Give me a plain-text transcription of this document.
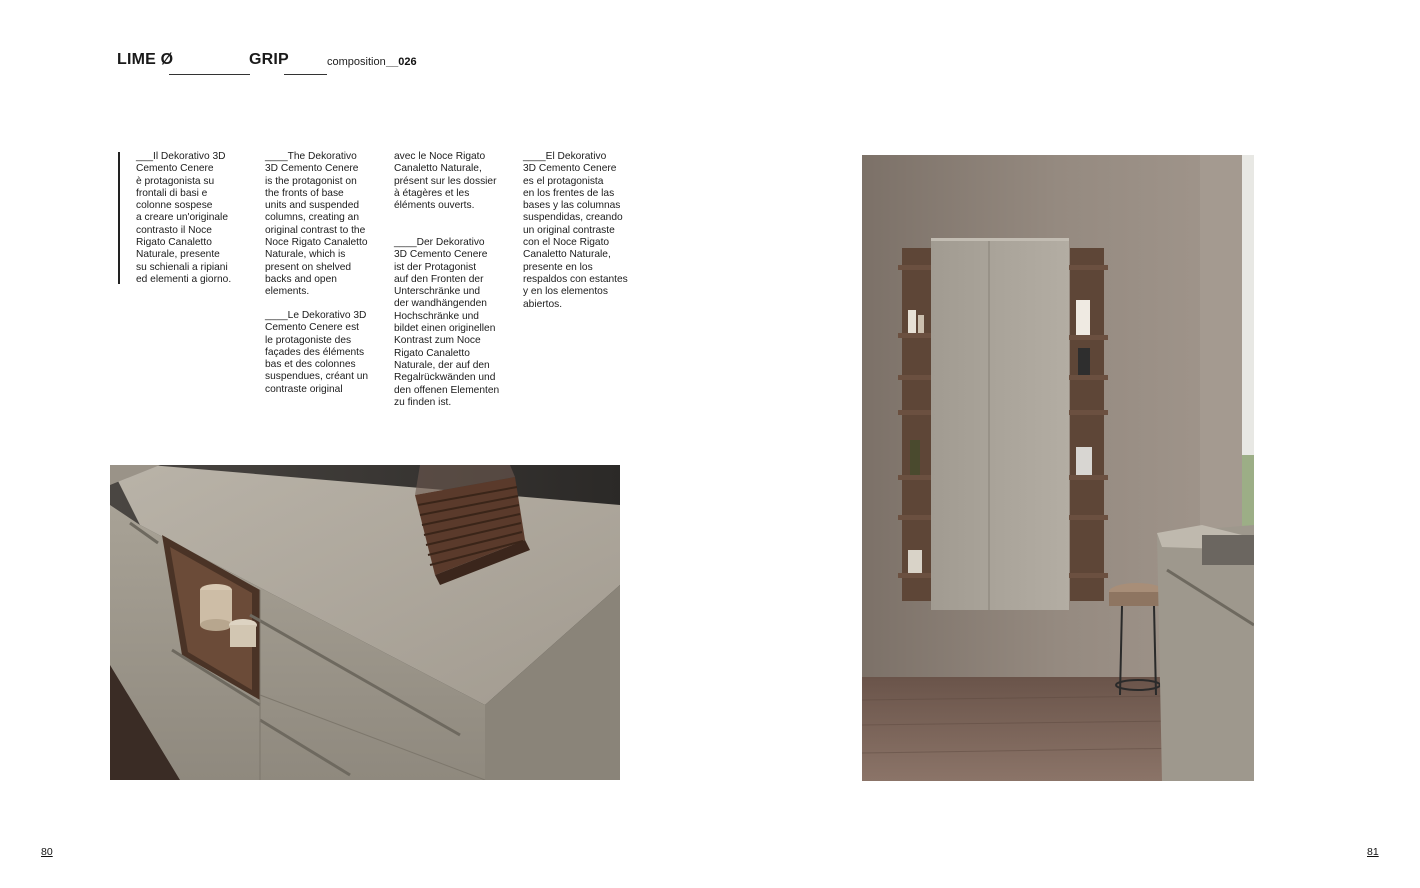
LIME Ø	GRIP	composition __026
___Il Dekorativo 3D
Cemento Cenere
è protagonista su
frontali di basi e
colonne sospese
a creare un'originale
contrasto il Noce
Rigato Canaletto
Naturale, presente
su schienali a ripiani
ed elementi a giorno.
____The Dekorativo
3D Cemento Cenere
is the protagonist on
the fronts of base
units and suspended
columns, creating an
original contrast to the
Noce Rigato Canaletto
Naturale, which is
present on shelved
backs and open
elements.
____Le Dekorativo 3D
Cemento Cenere est
le protagoniste des
façades des éléments
bas et des colonnes
suspendues, créant un
contraste original
avec le Noce Rigato
Canaletto Naturale,
présent sur les dossier
à étagères et les
éléments ouverts.
____Der Dekorativo
3D Cemento Cenere
ist der Protagonist
auf den Fronten der
Unterschränke und
der wandhängenden
Hochschränke und
bildet einen originellen
Kontrast zum Noce
Rigato Canaletto
Naturale, der auf den
Regalrückwänden und
den offenen Elementen
zu finden ist.
____El Dekorativo
3D Cemento Cenere
es el protagonista
en los frentes de las
bases y las columnas
suspendidas, creando
un original contraste
con el Noce Rigato
Canaletto Naturale,
presente en los
respaldos con estantes
y en los elementos
abiertos.
80	81
